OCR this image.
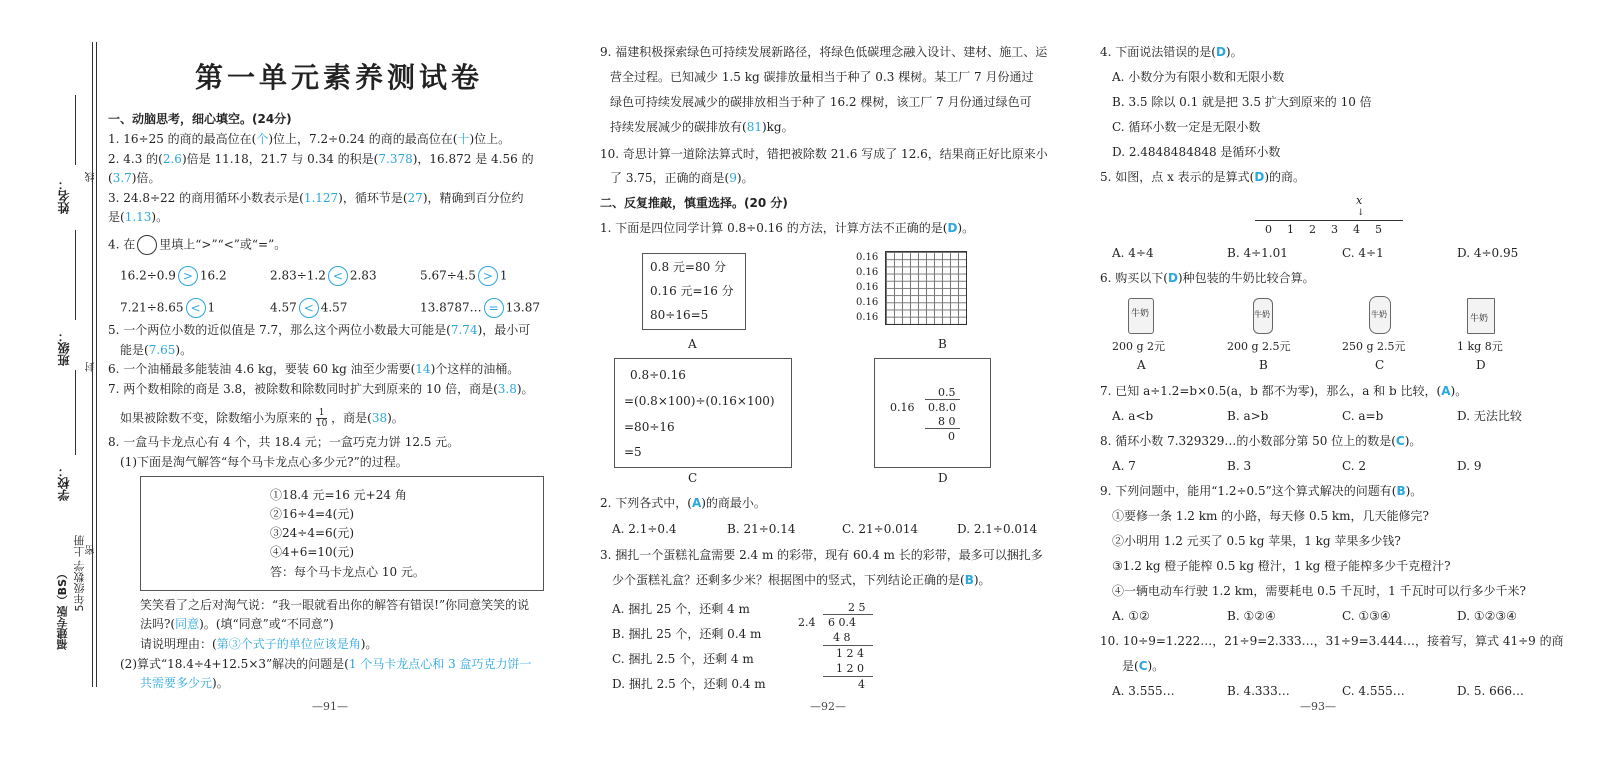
姓名：
线
班级：
封
学校：
福建专版（BS） 5年级数学 上册 密
第一单元素养测试卷
一、动脑思考，细心填空。(24分)
1. 16÷25 的商的最高位在(个)位上，7.2÷0.24 的商的最高位在(十)位上。
2. 4.3 的(2.6)倍是 11.18，21.7 与 0.34 的积是(7.378)，16.872 是 4.56 的
(3.7)倍。
3. 24.8÷22 的商用循环小数表示是(1.127)，循环节是(27)，精确到百分位约
是(1.13)。
4. 在 里填上“>”“<”或“=”。
16.2÷0.9 > 16.2	2.83÷1.2 < 2.83	5.67÷4.5 > 1
7.21÷8.65 < 1	4.57 < 4.57	13.8787… = 13.87
5. 一个两位小数的近似值是 7.7，那么这个两位小数最大可能是(7.74)，最小可
能是(7.65)。
6. 一个油桶最多能装油 4.6 kg，要装 60 kg 油至少需要(14)个这样的油桶。
7. 两个数相除的商是 3.8，被除数和除数同时扩大到原来的 10 倍，商是(3.8)。
如果被除数不变，除数缩小为原来的 $\frac{1}{10}$ ，商是(38)。
8. 一盒马卡龙点心有 4 个，共 18.4 元；一盒巧克力饼 12.5 元。
(1)下面是淘气解答“每个马卡龙点心多少元?”的过程。
①18.4 元=16 元+24 角
②16÷4=4(元)
③24÷4=6(元)
④4+6=10(元)
答：每个马卡龙点心 10 元。
笑笑看了之后对淘气说：“我一眼就看出你的解答有错误!”你同意笑笑的说
法吗?(同意)。(填“同意”或“不同意”)
请说明理由：(第③个式子的单位应该是角)。
(2)算式“18.4÷4+12.5×3”解决的问题是(1 个马卡龙点心和 3 盒巧克力饼一
共需要多少元)。
—91—
9. 福建积极探索绿色可持续发展新路径，将绿色低碳理念融入设计、建材、施工、运
营全过程。已知减少 1.5 kg 碳排放量相当于种了 0.3 棵树。某工厂 7 月份通过
绿色可持续发展减少的碳排放相当于种了 16.2 棵树，该工厂 7 月份通过绿色可
持续发展减少的碳排放有(81)kg。
10. 奇思计算一道除法算式时，错把被除数 21.6 写成了 12.6，结果商正好比原来小
了 3.75，正确的商是(9)。
二、反复推敲，慎重选择。(20 分)
1. 下面是四位同学计算 0.8÷0.16 的方法，计算方法不正确的是(D)。
0.8 元=80 分
0.16 元=16 分
80÷16=5
A
0.16
0.16
0.16
0.16
0.16
B
0.8÷0.16
=(0.8×100)÷(0.16×100)
=80÷16
=5
C
0.5
0.16 0.8.0
8 0
0
D
2. 下列各式中，(A)的商最小。
A. 2.1÷0.4	B. 21÷0.14	C. 21÷0.014	D. 2.1÷0.014
3. 捆扎一个蛋糕礼盒需要 2.4 m 的彩带，现有 60.4 m 长的彩带，最多可以捆扎多
少个蛋糕礼盒？还剩多少米？根据图中的竖式，下列结论正确的是(B)。
A. 捆扎 25 个，还剩 4 m
B. 捆扎 25 个，还剩 0.4 m
C. 捆扎 2.5 个，还剩 4 m
D. 捆扎 2.5 个，还剩 0.4 m
2 5
2.4 6 0.4
4 8
1 2 4
1 2 0
4
—92—
4. 下面说法错误的是(D)。
A. 小数分为有限小数和无限小数
B. 3.5 除以 0.1 就是把 3.5 扩大到原来的 10 倍
C. 循环小数一定是无限小数
D. 2.4848484848 是循环小数
5. 如图，点 x 表示的是算式(D)的商。
x
↓
0 1 2 3 4 5
A. 4÷4	B. 4÷1.01	C. 4÷1	D. 4÷0.95
6. 购买以下(D)种包装的牛奶比较合算。
200 g 2元	200 g 2.5元	250 g 2.5元	1 kg 8元
A	B	C	D
7. 已知 a÷1.2=b×0.5(a，b 都不为零)，那么，a 和 b 比较，(A)。
A. a<b	B. a>b	C. a=b	D. 无法比较
8. 循环小数 7.329329…的小数部分第 50 位上的数是(C)。
A. 7	B. 3	C. 2	D. 9
9. 下列问题中，能用“1.2÷0.5”这个算式解决的问题有(B)。
①要修一条 1.2 km 的小路，每天修 0.5 km，几天能修完?
②小明用 1.2 元买了 0.5 kg 苹果，1 kg 苹果多少钱?
③1.2 kg 橙子能榨 0.5 kg 橙汁，1 kg 橙子能榨多少千克橙汁?
④一辆电动车行驶 1.2 km，需要耗电 0.5 千瓦时，1 千瓦时可以行多少千米?
A. ①②	B. ①②④	C. ①③④	D. ①②③④
10. 10÷9=1.222…，21÷9=2.333…，31÷9=3.444…，接着写，算式 41÷9 的商
是(C)。
A. 3.555…	B. 4.333…	C. 4.555…	D. 5. 666…
—93—
牛奶	牛奶	牛奶	牛奶
